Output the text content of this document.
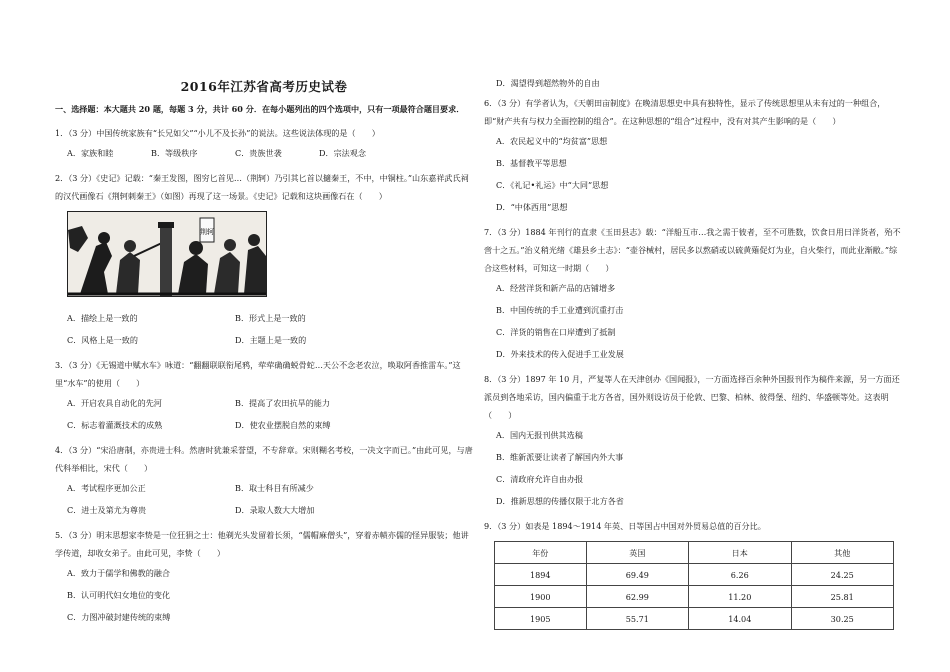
2016年江苏省高考历史试卷
一、选择题：本大题共 20 题，每题 3 分，共计 60 分．在每小题列出的四个选项中，只有一项最符合题目要求．

1．（3 分）中国传统家族有“长兄如父”“小儿不及长孙”的说法。这些说法体现的是（　　）

A．家族和睦	B．等级秩序	C．贵族世袭	D．宗法观念

2．（3 分）《史记》记载：“秦王发图，图穷匕首见…（荆轲）乃引其匕首以擿秦王，不中，中铜柱。”山东嘉祥武氏祠的汉代画像石《荆轲刺秦王》（如图）再现了这一场景。《史记》记载和这块画像石在（　　）

荆轲
A．描绘上是一致的	B．形式上是一致的
C．风格上是一致的	D．主题上是一致的

3．（3 分）《无锡道中赋水车》咏道：“翻翻联联衔尾鸦，荦荦确确蜕骨蛇…天公不念老农泣，唤取阿香推雷车。”这里“水车”的使用（　　）

A．开启农具自动化的先河	B．提高了农田抗旱的能力
C．标志着灌溉技术的成熟	D．使农业摆脱自然的束缚

4．（3 分）“宋沿唐制，亦贵进士科。然唐时犹兼采誉望，不专辞章。宋则糊名考校，一决文字而已。”由此可见，与唐代科举相比，宋代（　　）

A．考试程序更加公正	B．取士科目有所减少
C．进士及第尤为尊贵	D．录取人数大大增加

5．（3 分）明末思想家李贽是一位狂狷之士：他剃光头发留着长须，“儒帽麻僧头”，穿着赤帻亦儒的怪异服装；他讲学传道，却收女弟子。由此可见，李贽（　　）

A．致力于儒学和佛教的融合
B．认可明代妇女地位的变化
C．力图冲破封建传统的束缚
D．渴望得到超然物外的自由

6．（3 分）有学者认为，《天朝田亩制度》在晚清思想史中具有独特性，显示了传统思想里从未有过的一种组合，即“财产共有与权力全面控制的组合”。在这种思想的“组合”过程中，没有对其产生影响的是（　　）

A．农民起义中的“均贫富”思想
B．基督教平等思想
C．《礼记•礼运》中“大同”思想
D．“中体西用”思想

7．（3 分）1884 年刊行的直隶《玉田县志》载：“洋船互市…我之需于彼者，至不可胜数，饮食日用曰洋货者，殆不啻十之五。”治义稍光绪《雄县乡土志》：“壶谷械村，居民多以熬硝或以硫黄薙促灯为业，自火柴行，而此业渐敝。”综合这些材料，可知这一时期（　　）

A．经营洋货和新产品的店铺增多
B．中国传统的手工业遭到沉重打击
C．洋货的销售在口岸遭到了抵制
D．外来技术的传入促进手工业发展

8．（3 分）1897 年 10 月，严复等人在天津创办《国闻报》，一方面选择百余种外国报刊作为稿件来源，另一方面还派员到各地采访，国内偏重于北方各省，国外则设访员于伦敦、巴黎、柏林、彼得堡、纽约、华盛顿等处。这表明（　　）

A．国内无报刊供其选稿
B．维新派要让读者了解国内外大事
C．清政府允许自由办报
D．推新思想的传播仅限于北方各省

9．（3 分）如表是 1894～1914 年英、日等国占中国对外贸易总值的百分比。

年份	英国	日本	其他
1894	69.49	6.26	24.25
1900	62.99	11.20	25.81
1905	55.71	14.04	30.25
